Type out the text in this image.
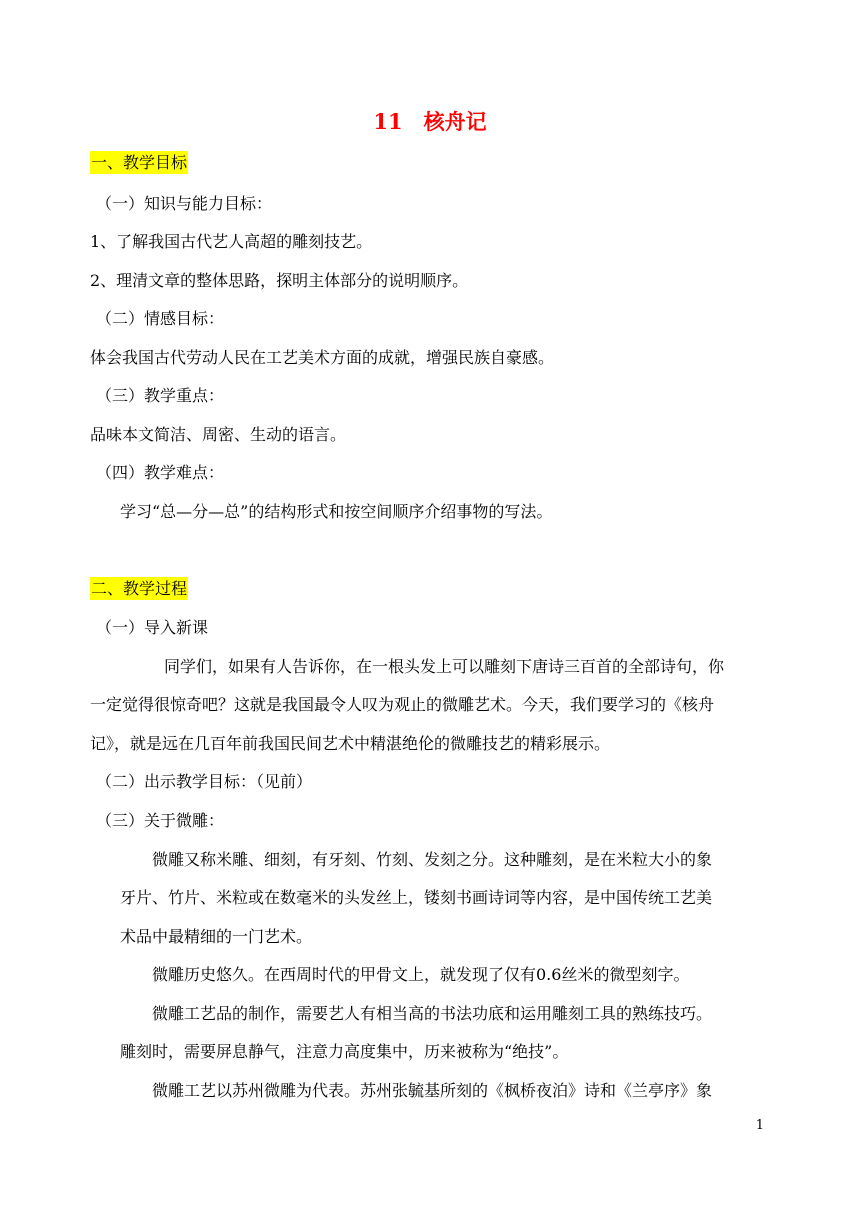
11　核舟记
一、教学目标
（一）知识与能力目标：
1、了解我国古代艺人高超的雕刻技艺。
2、理清文章的整体思路，探明主体部分的说明顺序。
（二）情感目标：
体会我国古代劳动人民在工艺美术方面的成就，增强民族自豪感。
（三）教学重点：
品味本文简洁、周密、生动的语言。
（四）教学难点：
学习“总—分—总”的结构形式和按空间顺序介绍事物的写法。
二、教学过程
（一）导入新课
同学们，如果有人告诉你，在一根头发上可以雕刻下唐诗三百首的全部诗句，你
一定觉得很惊奇吧？这就是我国最令人叹为观止的微雕艺术。今天，我们要学习的《核舟
记》，就是远在几百年前我国民间艺术中精湛绝伦的微雕技艺的精彩展示。
（二）出示教学目标：（见前）
（三）关于微雕：
微雕又称米雕、细刻，有牙刻、竹刻、发刻之分。这种雕刻，是在米粒大小的象
牙片、竹片、米粒或在数毫米的头发丝上，镂刻书画诗词等内容，是中国传统工艺美
术品中最精细的一门艺术。
微雕历史悠久。在西周时代的甲骨文上，就发现了仅有0.6丝米的微型刻字。
微雕工艺品的制作，需要艺人有相当高的书法功底和运用雕刻工具的熟练技巧。
雕刻时，需要屏息静气，注意力高度集中，历来被称为“绝技”。
微雕工艺以苏州微雕为代表。苏州张毓基所刻的《枫桥夜泊》诗和《兰亭序》象
1
